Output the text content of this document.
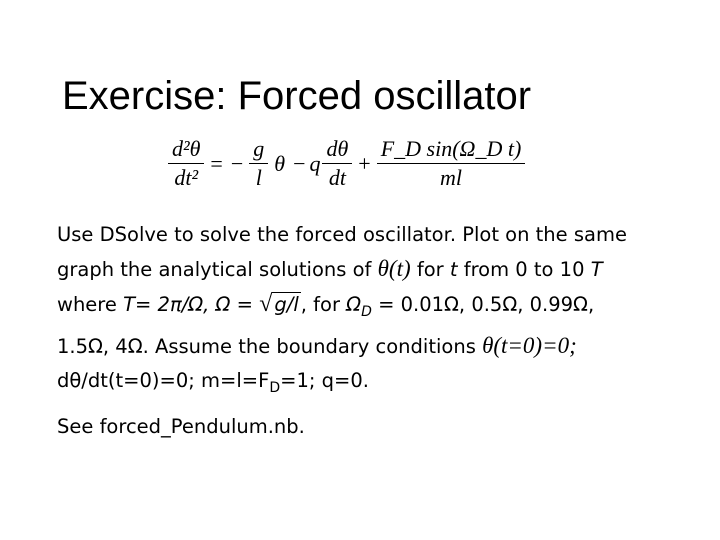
Exercise: Forced oscillator
$\frac{\text{d²θ}}{\text{dt²}}$ = − $\frac{g}{l}$ θ − q $\frac{d\theta}{dt} + \frac{\text{F\_D sin(Ω\_D t)}}{ml}$
Use DSolve to solve the forced oscillator. Plot on the same
graph the analytical solutions of θ(t) for t from 0 to 10 T
where T= 2π/Ω, Ω = √ g/l , for $\Omega_D = 0.01\Omega$, 0.5Ω, 0.99Ω,
1.5Ω, 4Ω. Assume the boundary conditions θ(t=0)=0;
dθ/dt(t=0)=0; $m=l=F_D=1$; q=0.
See forced_Pendulum.nb.
